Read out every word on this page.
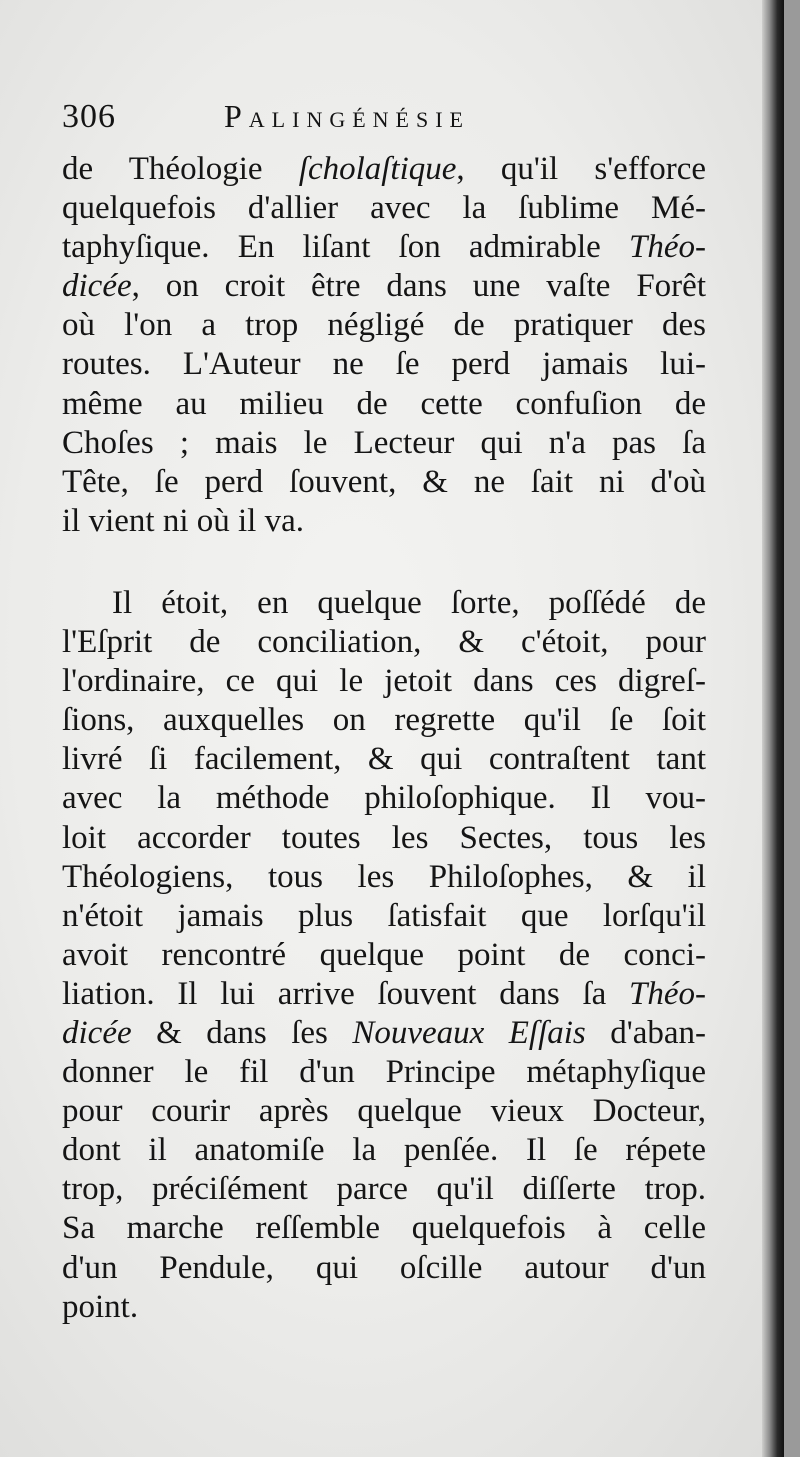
306	Palingénésie
de Théologie ſcholaſtique, qu'il s'efforce
quelquefois d'allier avec la ſublime Mé-
taphyſique. En liſant ſon admirable Théo-
dicée, on croit être dans une vaſte Forêt
où l'on a trop négligé de pratiquer des
routes. L'Auteur ne ſe perd jamais lui-
même au milieu de cette confuſion de
Choſes ; mais le Lecteur qui n'a pas ſa
Tête, ſe perd ſouvent, & ne ſait ni d'où
il vient ni où il va.
Il étoit, en quelque ſorte, poſſédé de
l'Eſprit de conciliation, & c'étoit, pour
l'ordinaire, ce qui le jetoit dans ces digreſ-
ſions, auxquelles on regrette qu'il ſe ſoit
livré ſi facilement, & qui contraſtent tant
avec la méthode philoſophique. Il vou-
loit accorder toutes les Sectes, tous les
Théologiens, tous les Philoſophes, & il
n'étoit jamais plus ſatisfait que lorſqu'il
avoit rencontré quelque point de conci-
liation. Il lui arrive ſouvent dans ſa Théo-
dicée & dans ſes Nouveaux Eſſais d'aban-
donner le fil d'un Principe métaphyſique
pour courir après quelque vieux Docteur,
dont il anatomiſe la penſée. Il ſe répete
trop, préciſément parce qu'il diſſerte trop.
Sa marche reſſemble quelquefois à celle
d'un Pendule, qui oſcille autour d'un
point.
